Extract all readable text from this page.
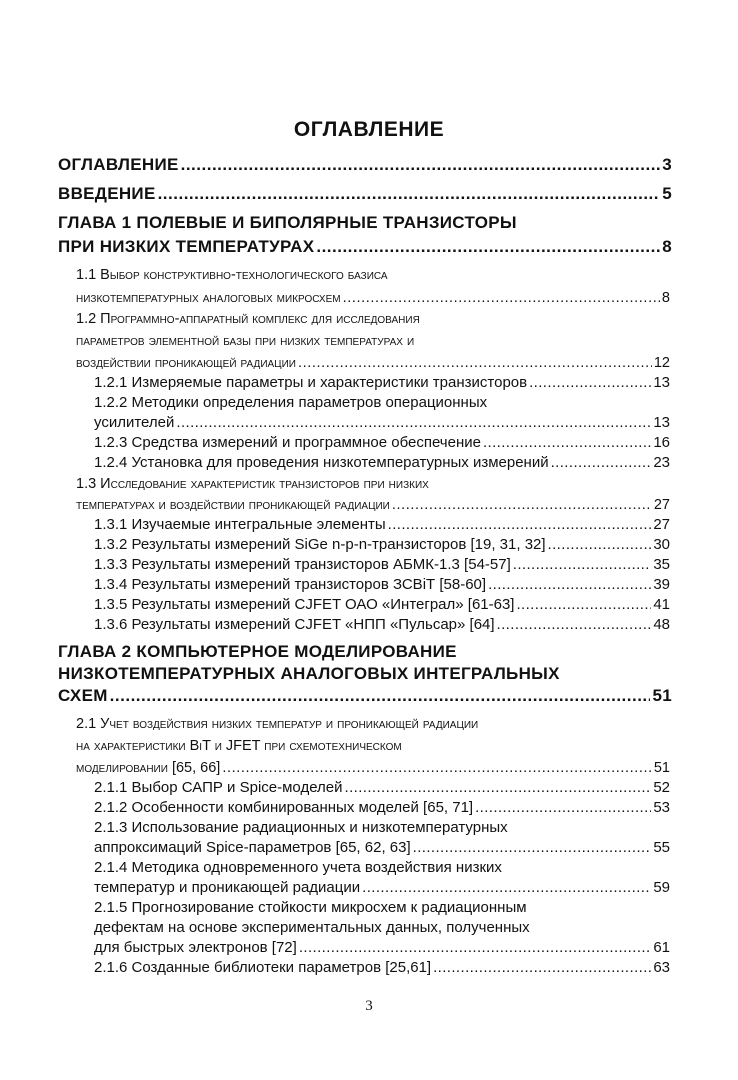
ОГЛАВЛЕНИЕ
ОГЛАВЛЕНИЕ .....	3
ВВЕДЕНИЕ .....	5
ГЛАВА 1 ПОЛЕВЫЕ И БИПОЛЯРНЫЕ ТРАНЗИСТОРЫ
ПРИ НИЗКИХ ТЕМПЕРАТУРАХ .....	8
1.1 Выбор конструктивно-технологического базиса
низкотемпературных аналоговых микросхем .....	8
1.2 Программно-аппаратный комплекс для исследования
параметров элементной базы при низких температурах и
воздействии проникающей радиации .....	12
1.2.1 Измеряемые параметры и характеристики транзисторов .....	13
1.2.2 Методики определения параметров операционных
усилителей .....	13
1.2.3 Средства измерений и программное обеспечение .....	16
1.2.4 Установка для проведения низкотемпературных измерений .....	23
1.3 Исследование характеристик транзисторов при низких
температурах и воздействии проникающей радиации .....	27
1.3.1 Изучаемые интегральные элементы .....	27
1.3.2 Результаты измерений SiGe n-p-n-транзисторов [19, 31, 32] .....	30
1.3.3 Результаты измерений транзисторов АБМК-1.3 [54-57] .....	35
1.3.4 Результаты измерений транзисторов ЗСВiТ [58-60] .....	39
1.3.5 Результаты измерений CJFET ОАО «Интеграл» [61-63] .....	41
1.3.6 Результаты измерений CJFET «НПП «Пульсар» [64] .....	48
ГЛАВА 2 КОМПЬЮТЕРНОЕ МОДЕЛИРОВАНИЕ
НИЗКОТЕМПЕРАТУРНЫХ АНАЛОГОВЫХ ИНТЕГРАЛЬНЫХ
СХЕМ .....	51
2.1 Учет воздействия низких температур и проникающей радиации
на характеристики BiT и JFET при схемотехническом
моделировании [65, 66] .....	51
2.1.1 Выбор САПР и Spice-моделей .....	52
2.1.2 Особенности комбинированных моделей [65, 71] .....	53
2.1.3 Использование радиационных и низкотемпературных
аппроксимаций Spice-параметров [65, 62, 63] .....	55
2.1.4 Методика одновременного учета воздействия низких
температур и проникающей радиации .....	59
2.1.5 Прогнозирование стойкости микросхем к радиационным
дефектам на основе экспериментальных данных, полученных
для быстрых электронов [72] .....	61
2.1.6 Созданные библиотеки параметров [25,61] .....	63
3
